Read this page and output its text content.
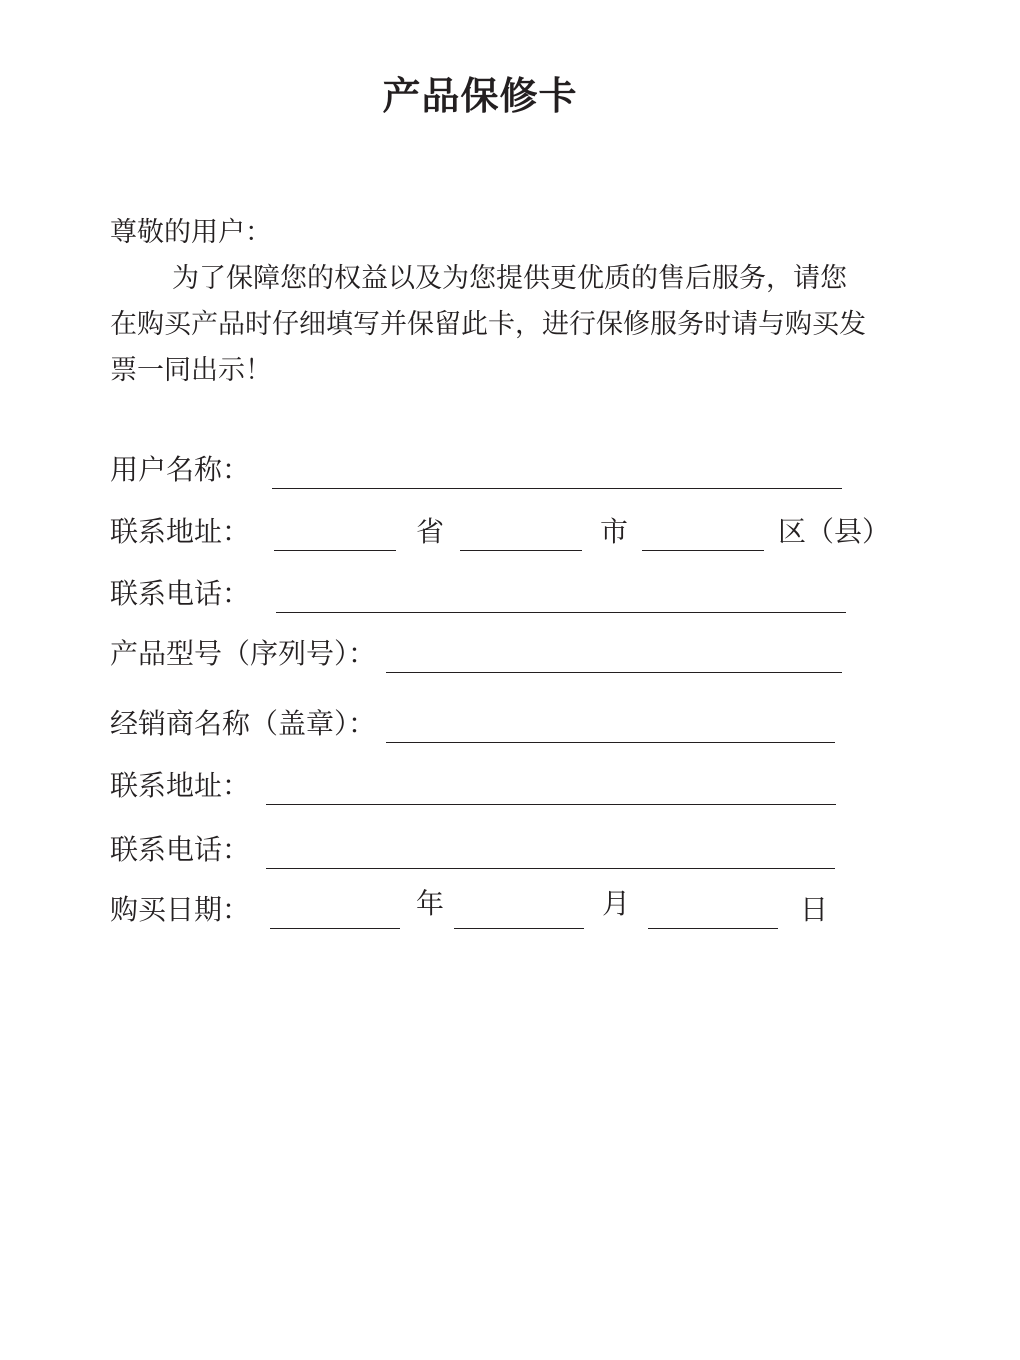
产品保修卡

尊敬的用户：

为了保障您的权益以及为您提供更优质的售后服务，请您在购买产品时仔细填写并保留此卡，进行保修服务时请与购买发票一同出示！

用户名称：
联系地址：	省	市	区（县）
联系电话：
产品型号（序列号）：
经销商名称（盖章）：
联系地址：
联系电话：
购买日期：	年	月	日
